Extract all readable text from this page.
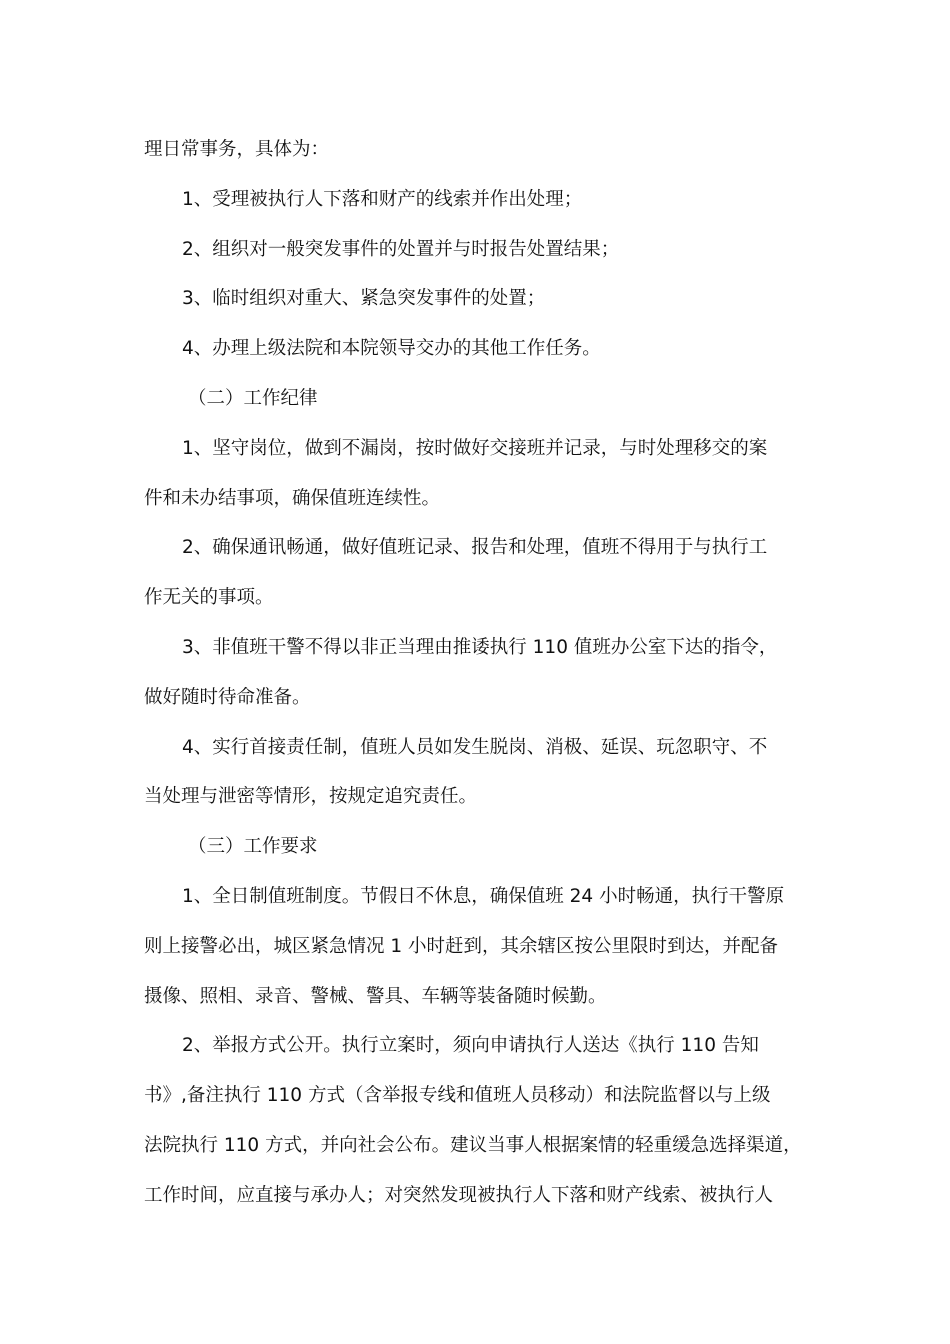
理日常事务，具体为：
1、受理被执行人下落和财产的线索并作出处理；
2、组织对一般突发事件的处置并与时报告处置结果；
3、临时组织对重大、紧急突发事件的处置；
4、办理上级法院和本院领导交办的其他工作任务。
（二）工作纪律
1、坚守岗位，做到不漏岗，按时做好交接班并记录，与时处理移交的案
件和未办结事项，确保值班连续性。
2、确保通讯畅通，做好值班记录、报告和处理，值班不得用于与执行工
作无关的事项。
3、非值班干警不得以非正当理由推诿执行 110 值班办公室下达的指令，
做好随时待命准备。
4、实行首接责任制，值班人员如发生脱岗、消极、延误、玩忽职守、不
当处理与泄密等情形，按规定追究责任。
（三）工作要求
1、全日制值班制度。节假日不休息，确保值班 24 小时畅通，执行干警原
则上接警必出，城区紧急情况 1 小时赶到，其余辖区按公里限时到达，并配备
摄像、照相、录音、警械、警具、车辆等装备随时候勤。
2、举报方式公开。执行立案时，须向申请执行人送达《执行 110 告知
书》,备注执行 110 方式（含举报专线和值班人员移动）和法院监督以与上级
法院执行 110 方式，并向社会公布。建议当事人根据案情的轻重缓急选择渠道，
工作时间，应直接与承办人；对突然发现被执行人下落和财产线索、被执行人
